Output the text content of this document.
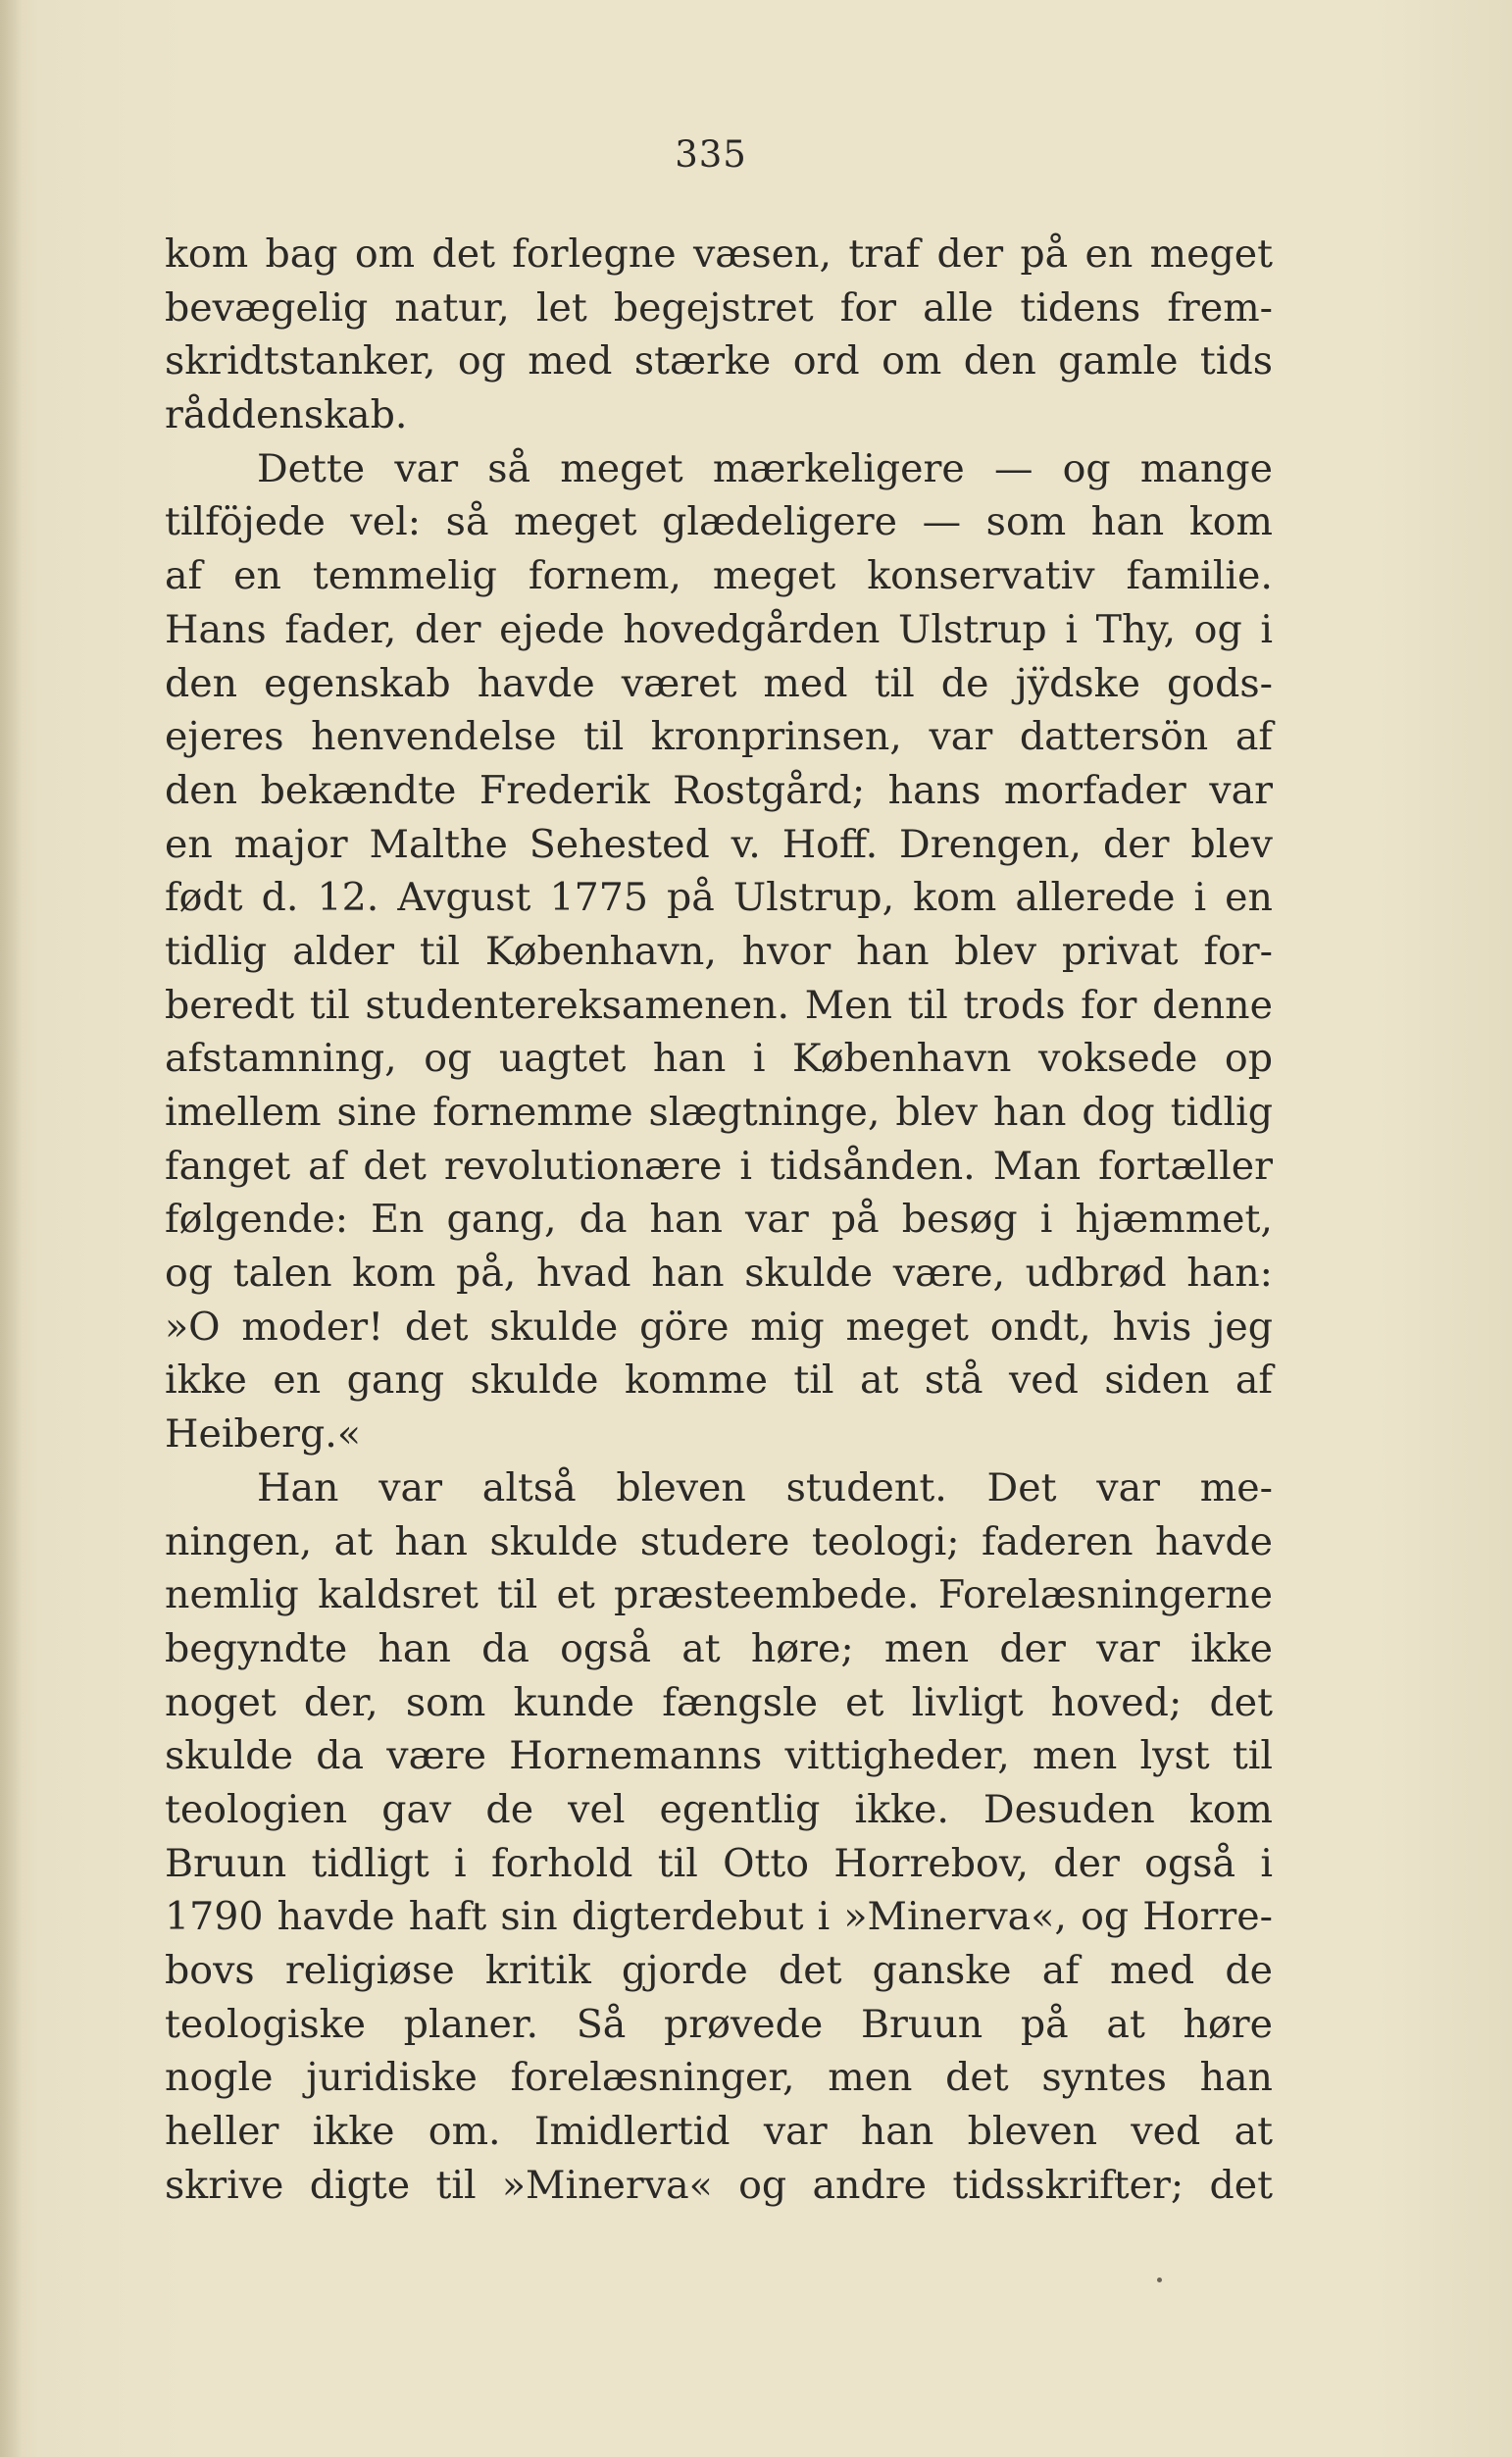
335
kom bag om det forlegne væsen, traf der på en meget
bevægelig natur, let begejstret for alle tidens frem-
skridtstanker, og med stærke ord om den gamle tids
råddenskab.
Dette var så meget mærkeligere — og mange
tilföjede vel: så meget glædeligere — som han kom
af en temmelig fornem, meget konservativ familie.
Hans fader, der ejede hovedgården Ulstrup i Thy, og i
den egenskab havde været med til de jÿdske gods-
ejeres henvendelse til kronprinsen, var dattersön af
den bekændte Frederik Rostgård; hans morfader var
en major Malthe Sehested v. Hoff. Drengen, der blev
født d. 12. Avgust 1775 på Ulstrup, kom allerede i en
tidlig alder til København, hvor han blev privat for-
beredt til studentereksamenen. Men til trods for denne
afstamning, og uagtet han i København voksede op
imellem sine fornemme slægtninge, blev han dog tidlig
fanget af det revolutionære i tidsånden. Man fortæller
følgende: En gang, da han var på besøg i hjæmmet,
og talen kom på, hvad han skulde være, udbrød han:
»O moder! det skulde göre mig meget ondt, hvis jeg
ikke en gang skulde komme til at stå ved siden af
Heiberg.«
Han var altså bleven student. Det var me-
ningen, at han skulde studere teologi; faderen havde
nemlig kaldsret til et præsteembede. Forelæsningerne
begyndte han da også at høre; men der var ikke
noget der, som kunde fængsle et livligt hoved; det
skulde da være Hornemanns vittigheder, men lyst til
teologien gav de vel egentlig ikke. Desuden kom
Bruun tidligt i forhold til Otto Horrebov, der også i
1790 havde haft sin digterdebut i »Minerva«, og Horre-
bovs religiøse kritik gjorde det ganske af med de
teologiske planer. Så prøvede Bruun på at høre
nogle juridiske forelæsninger, men det syntes han
heller ikke om. Imidlertid var han bleven ved at
skrive digte til »Minerva« og andre tidsskrifter; det
